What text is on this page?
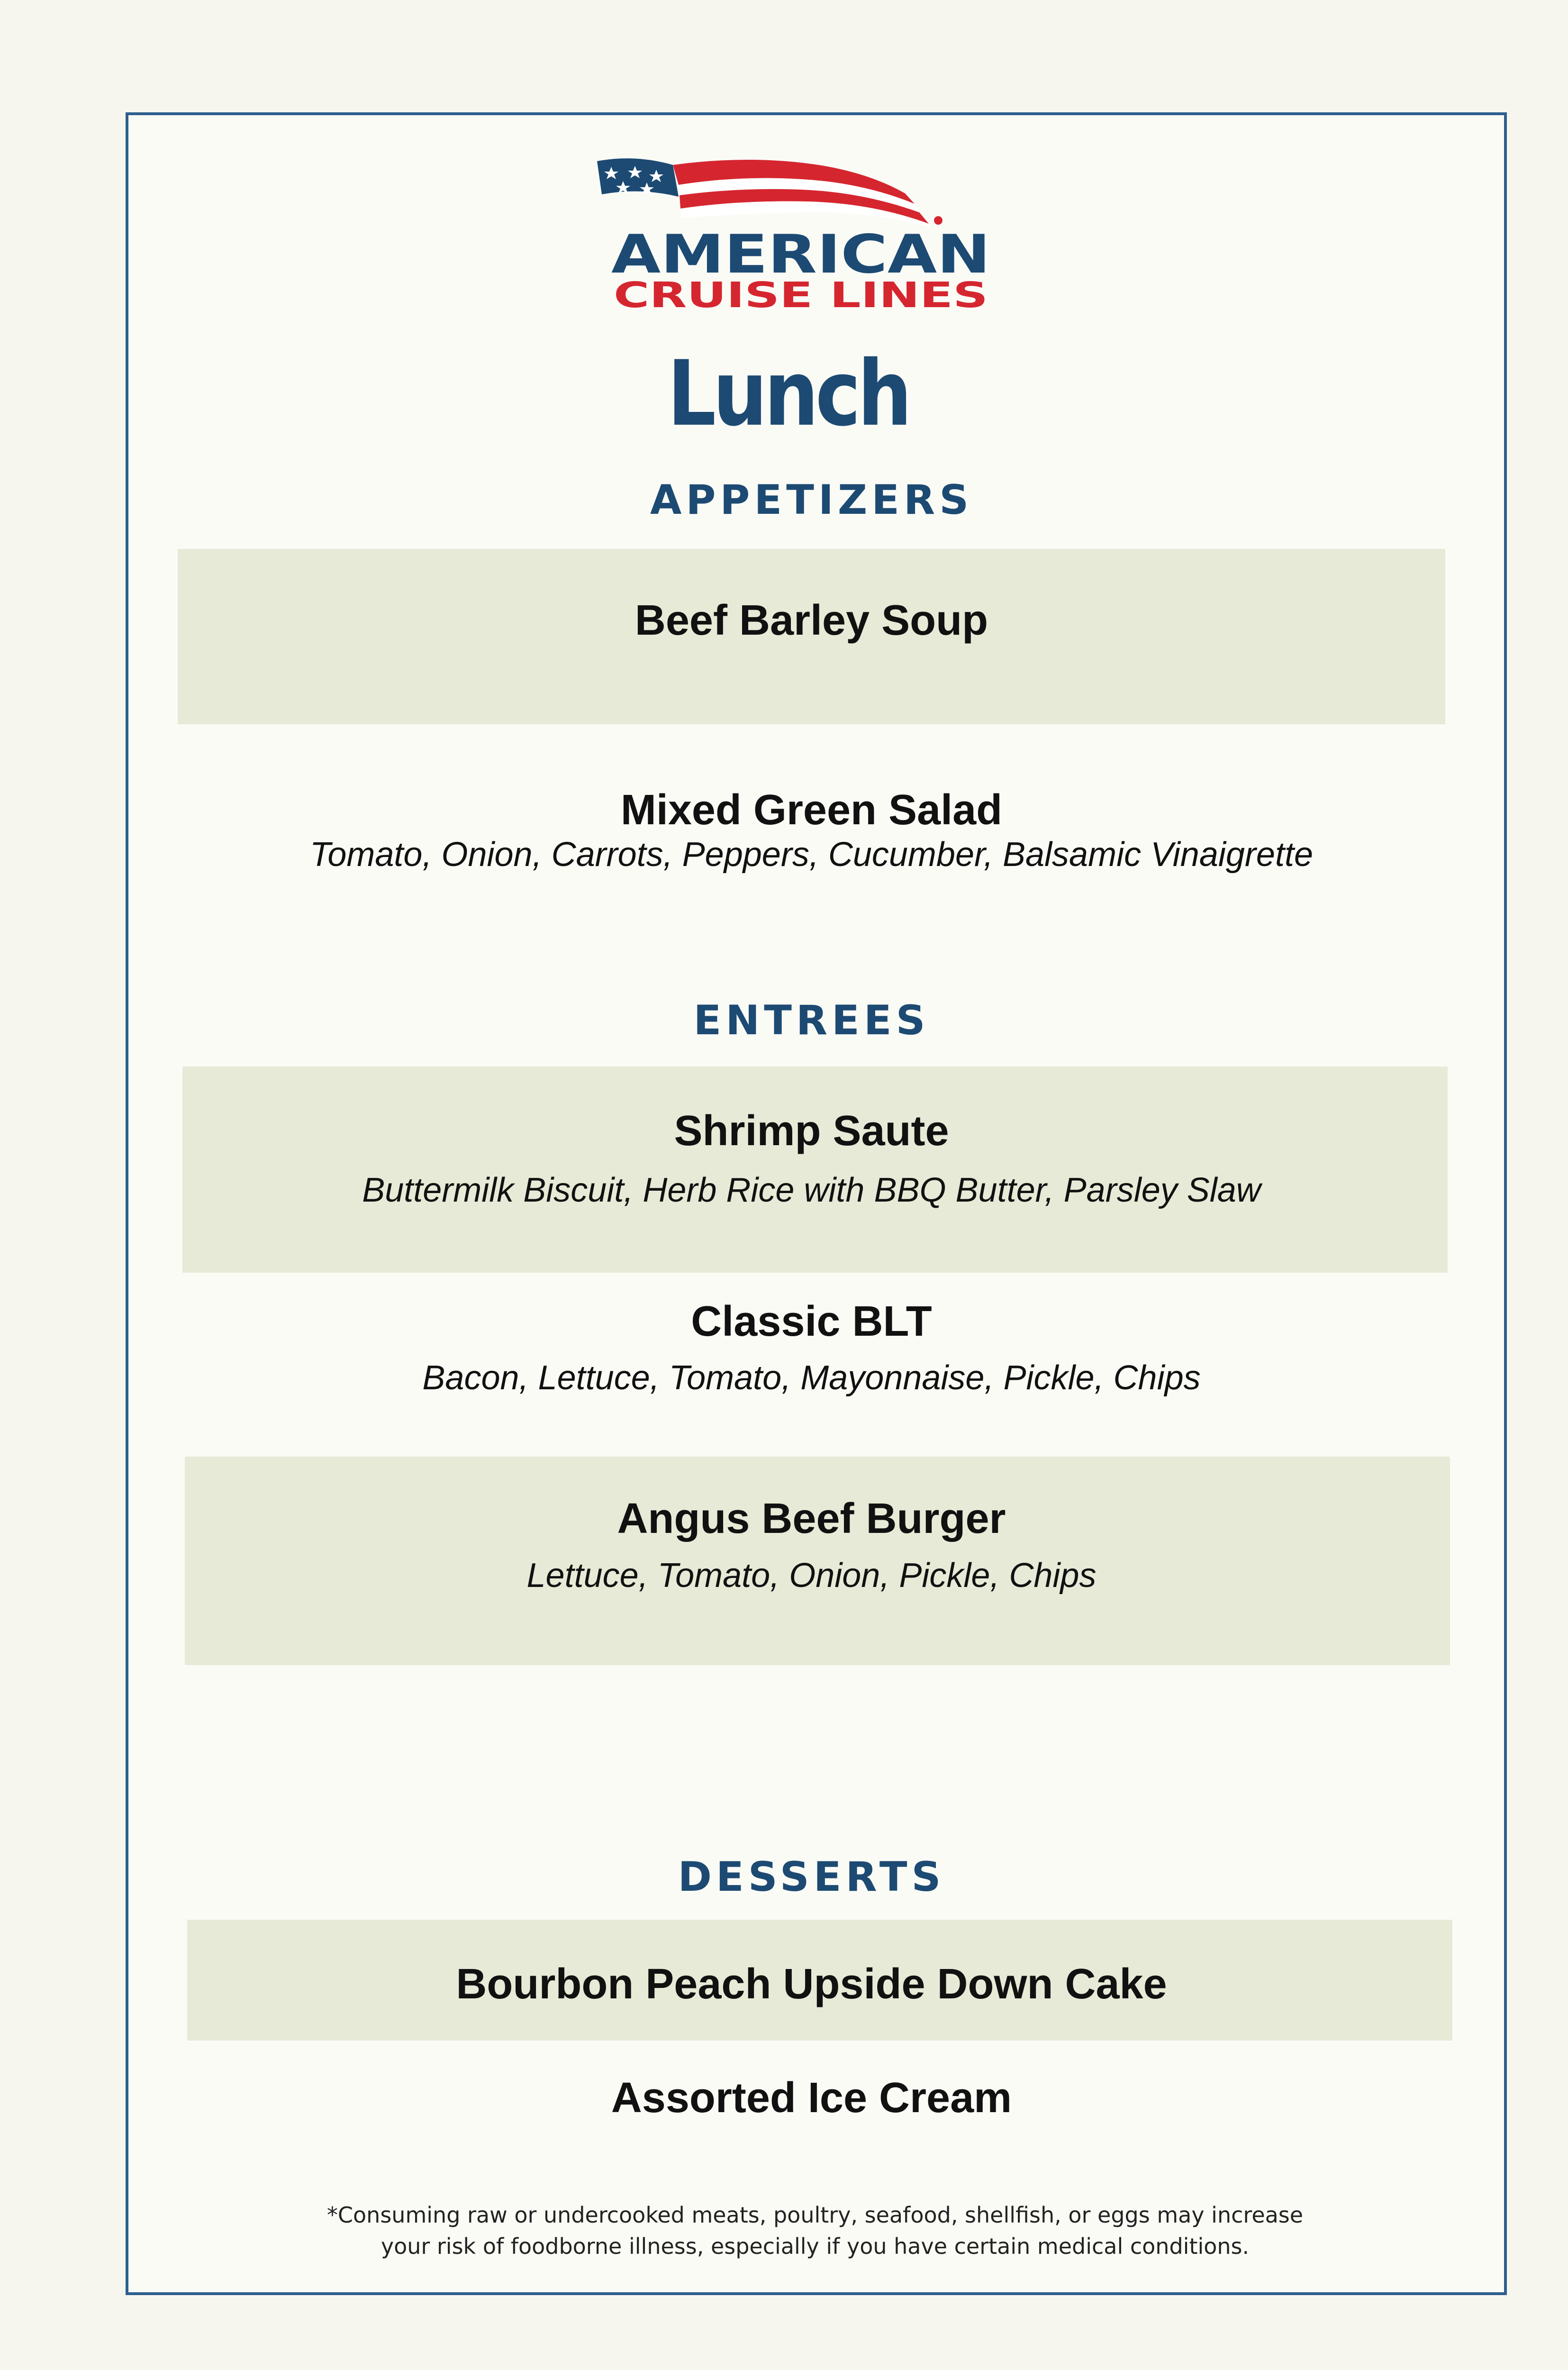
AMERICAN
CRUISE LINES
Lunch
APPETIZERS
Beef Barley Soup
Mixed Green Salad
Tomato, Onion, Carrots, Peppers, Cucumber, Balsamic Vinaigrette
ENTREES
Shrimp Saute
Buttermilk Biscuit, Herb Rice with BBQ Butter, Parsley Slaw
Classic BLT
Bacon, Lettuce, Tomato, Mayonnaise, Pickle, Chips
Angus Beef Burger
Lettuce, Tomato, Onion, Pickle, Chips
DESSERTS
Bourbon Peach Upside Down Cake
Assorted Ice Cream
*Consuming raw or undercooked meats, poultry, seafood, shellfish, or eggs may increase
your risk of foodborne illness, especially if you have certain medical conditions.
